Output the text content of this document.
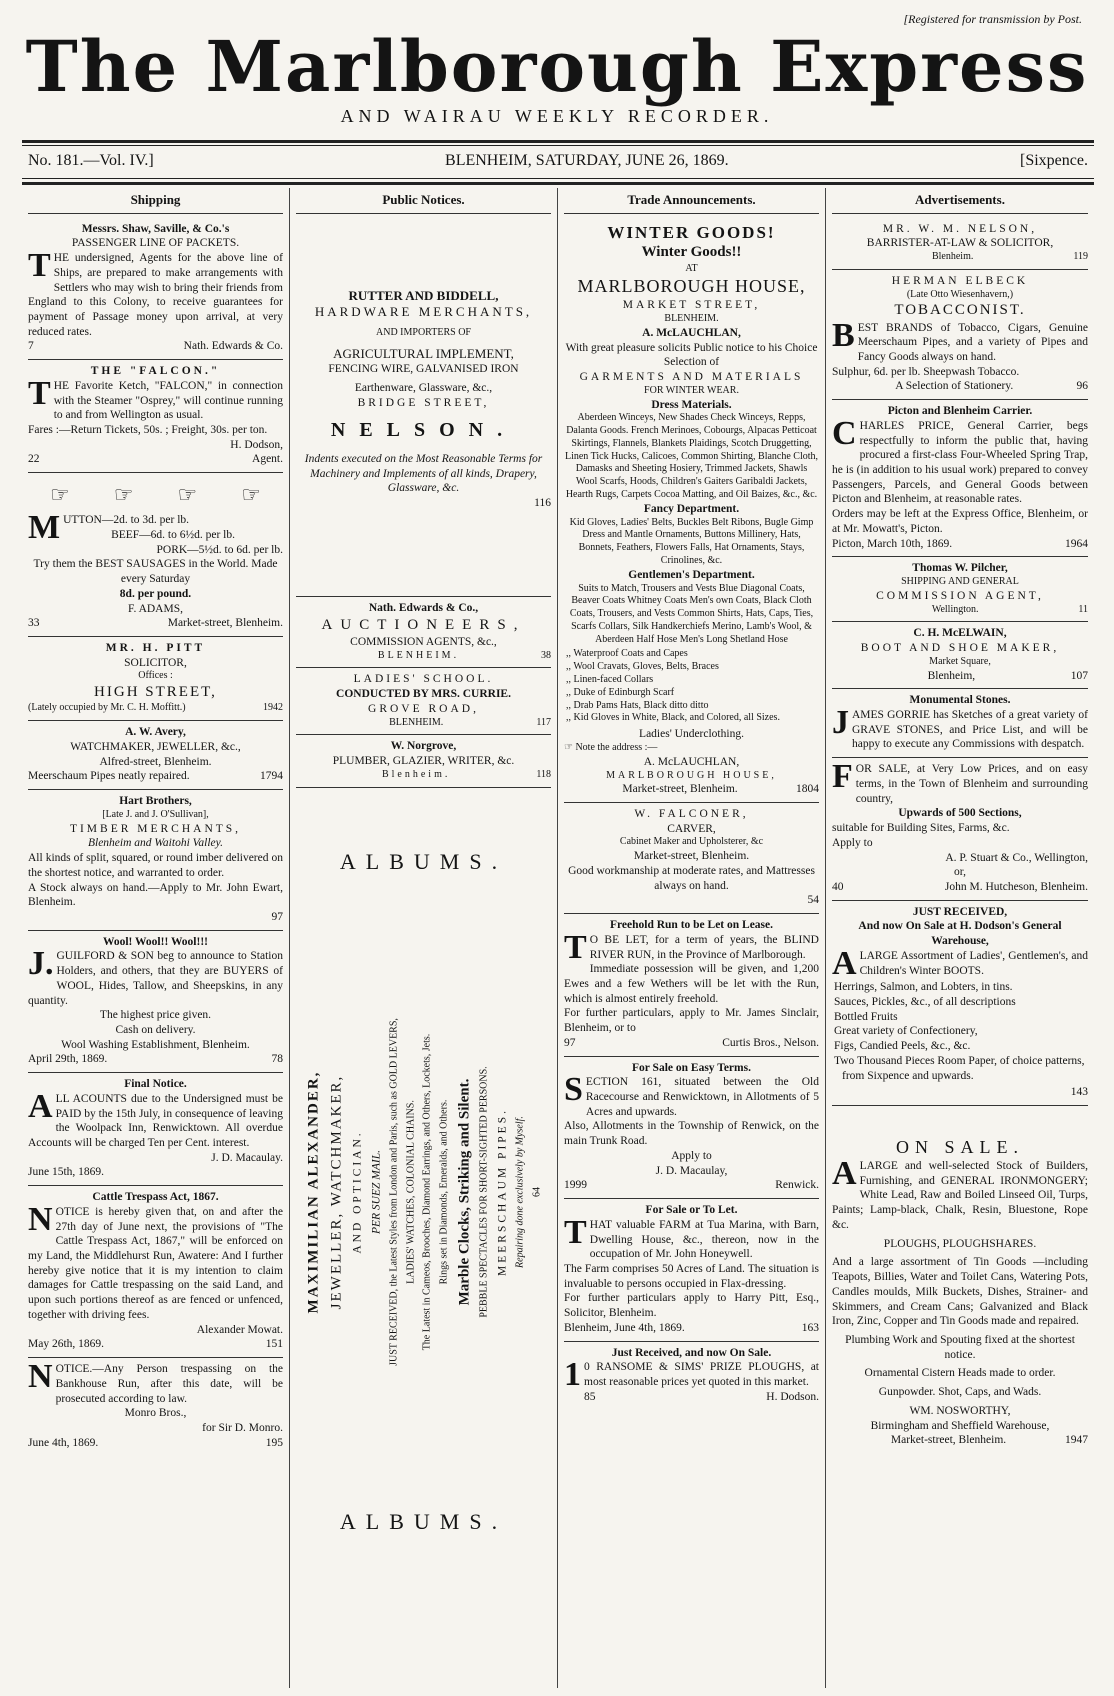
[Registered for transmission by Post.
The Marlborough Express
AND WAIRAU WEEKLY RECORDER.
No. 181.—Vol. IV.]	BLENHEIM, SATURDAY, JUNE 26, 1869.	[Sixpence.
Shipping
Messrs. Shaw, Saville, & Co.'s
PASSENGER LINE OF PACKETS.
THE undersigned, Agents for the above line of Ships, are prepared to make arrangements with Settlers who may wish to bring their friends from England to this Colony, to receive guarantees for payment of Passage money upon arrival, at very reduced rates.
7	Nath. Edwards & Co.
THE "FALCON."
THE Favorite Ketch, "FALCON," in connection with the Steamer "Osprey," will continue running to and from Wellington as usual.
Fares :—Return Tickets, 50s. ; Freight, 30s. per ton.
H. Dodson,
22	Agent.
☞ ☞ ☞ ☞
MUTTON—2d. to 3d. per lb.
BEEF—6d. to 6½d. per lb.
PORK—5½d. to 6d. per lb.
Try them the BEST SAUSAGES in the World. Made every Saturday
8d. per pound.
F. ADAMS,
33	Market-street, Blenheim.
MR. H. PITT
SOLICITOR,
Offices :
HIGH STREET,
(Lately occupied by Mr. C. H. Moffitt.)	1942
A. W. Avery,
WATCHMAKER, JEWELLER, &c.,
Alfred-street, Blenheim.
Meerschaum Pipes neatly repaired.	1794
Hart Brothers,
[Late J. and J. O'Sullivan],
TIMBER MERCHANTS,
Blenheim and Waitohi Valley.
All kinds of split, squared, or round imber delivered on the shortest notice, and warranted to order.
A Stock always on hand.—Apply to Mr. John Ewart, Blenheim.
97
Wool! Wool!! Wool!!!
J.GUILFORD & SON beg to announce to Station Holders, and others, that they are BUYERS of WOOL, Hides, Tallow, and Sheepskins, in any quantity.
The highest price given.
Cash on delivery.
Wool Washing Establishment, Blenheim.
April 29th, 1869.	78
Final Notice.
ALL ACOUNTS due to the Undersigned must be PAID by the 15th July, in consequence of leaving the Woolpack Inn, Renwicktown. All overdue Accounts will be charged Ten per Cent. interest.
J. D. Macaulay.
June 15th, 1869.
Cattle Trespass Act, 1867.
NOTICE is hereby given that, on and after the 27th day of June next, the provisions of "The Cattle Trespass Act, 1867," will be enforced on my Land, the Middlehurst Run, Awatere: And I further hereby give notice that it is my intention to claim damages for Cattle trespassing on the said Land, and upon such portions thereof as are fenced or unfenced, together with driving fees.
Alexander Mowat.
May 26th, 1869.	151
NOTICE.—Any Person trespassing on the Bankhouse Run, after this date, will be prosecuted according to law.
Monro Bros.,
for Sir D. Monro.
June 4th, 1869.	195
Public Notices.
RUTTER AND BIDDELL,
HARDWARE MERCHANTS,
AND IMPORTERS OF
AGRICULTURAL IMPLEMENT,
FENCING WIRE, GALVANISED IRON
Earthenware, Glassware, &c.,
BRIDGE STREET,
NELSON.
Indents executed on the Most Reasonable Terms for Machinery and Implements of all kinds, Drapery, Glassware, &c.
116
Nath. Edwards & Co.,
AUCTIONEERS,
COMMISSION AGENTS, &c.,
BLENHEIM.	38
LADIES' SCHOOL.
CONDUCTED BY MRS. CURRIE.
GROVE ROAD,
BLENHEIM.	117
W. Norgrove,
PLUMBER, GLAZIER, WRITER, &c.
Blenheim.	118
ALBUMS.
MAXIMILIAN ALEXANDER, JEWELLER, WATCHMAKER, AND OPTICIAN. PER SUEZ MAIL. JUST RECEIVED, the Latest Styles from London and Paris, such as GOLD LEVERS, LADIES' WATCHES, COLONIAL CHAINS. The Latest in Cameos, Brooches, Diamond Earrings, and Others, Lockets, Jets. Rings set in Diamonds, Emeralds, and Others. Marble Clocks, Striking and Silent. PEBBLE SPECTACLES FOR SHORT-SIGHTED PERSONS. MEERSCHAUM PIPES. Repairing done exclusively by Myself. 64
ALBUMS.
Trade Announcements.
WINTER GOODS!
Winter Goods!!
AT
MARLBOROUGH HOUSE,
MARKET STREET,
BLENHEIM.
A. McLAUCHLAN,
With great pleasure solicits Public notice to his Choice Selection of
GARMENTS AND MATERIALS
FOR WINTER WEAR.
Dress Materials.
Aberdeen Winceys, New Shades Check Winceys, Repps, Dalanta Goods. French Merinoes, Cobourgs, Alpacas Petticoat Skirtings, Flannels, Blankets Plaidings, Scotch Druggetting, Linen Tick Hucks, Calicoes, Common Shirting, Blanche Cloth, Damasks and Sheeting Hosiery, Trimmed Jackets, Shawls Wool Scarfs, Hoods, Children's Gaiters Garibaldi Jackets, Hearth Rugs, Carpets Cocoa Matting, and Oil Baizes, &c., &c.
Fancy Department.
Kid Gloves, Ladies' Belts, Buckles Belt Ribons, Bugle Gimp Dress and Mantle Ornaments, Buttons Millinery, Hats, Bonnets, Feathers, Flowers Falls, Hat Ornaments, Stays, Crinolines, &c.
Gentlemen's Department.
Suits to Match, Trousers and Vests Blue Diagonal Coats, Beaver Coats Whitney Coats Men's own Coats, Black Cloth Coats, Trousers, and Vests Common Shirts, Hats, Caps, Ties, Scarfs Collars, Silk Handkerchiefs Merino, Lamb's Wool, & Aberdeen Half Hose Men's Long Shetland Hose
,, Waterproof Coats and Capes
,, Wool Cravats, Gloves, Belts, Braces
,, Linen-faced Collars
,, Duke of Edinburgh Scarf
,, Drab Pams Hats, Black ditto ditto
,, Kid Gloves in White, Black, and Colored, all Sizes.
Ladies' Underclothing.
☞ Note the address :—
A. McLAUCHLAN,
MARLBOROUGH HOUSE,
Market-street, Blenheim.	1804
W. FALCONER,
CARVER,
Cabinet Maker and Upholsterer, &c
Market-street, Blenheim.
Good workmanship at moderate rates, and Mattresses always on hand.
54
Freehold Run to be Let on Lease.
TO BE LET, for a term of years, the BLIND RIVER RUN, in the Province of Marlborough.
Immediate possession will be given, and 1,200 Ewes and a few Wethers will be let with the Run, which is almost entirely freehold.
For further particulars, apply to Mr. James Sinclair, Blenheim, or to
97	Curtis Bros., Nelson.
For Sale on Easy Terms.
SECTION 161, situated between the Old Racecourse and Renwicktown, in Allotments of 5 Acres and upwards.
Also, Allotments in the Township of Renwick, on the main Trunk Road.
Apply to
J. D. Macaulay,
1999	Renwick.
For Sale or To Let.
THAT valuable FARM at Tua Marina, with Barn, Dwelling House, &c., thereon, now in the occupation of Mr. John Honeywell.
The Farm comprises 50 Acres of Land. The situation is invaluable to persons occupied in Flax-dressing.
For further particulars apply to Harry Pitt, Esq., Solicitor, Blenheim.
Blenheim, June 4th, 1869.	163
Just Received, and now On Sale.
10 RANSOME & SIMS' PRIZE PLOUGHS, at most reasonable prices yet quoted in this market.
85	H. Dodson.
Advertisements.
MR. W. M. NELSON,
BARRISTER-AT-LAW & SOLICITOR,
Blenheim.	119
HERMAN ELBECK
(Late Otto Wiesenhavern,)
TOBACCONIST.
BEST BRANDS of Tobacco, Cigars, Genuine Meerschaum Pipes, and a variety of Pipes and Fancy Goods always on hand.
Sulphur, 6d. per lb. Sheepwash Tobacco.
A Selection of Stationery.	96
Picton and Blenheim Carrier.
CHARLES PRICE, General Carrier, begs respectfully to inform the public that, having procured a first-class Four-Wheeled Spring Trap, he is (in addition to his usual work) prepared to convey Passengers, Parcels, and General Goods between Picton and Blenheim, at reasonable rates.
Orders may be left at the Express Office, Blenheim, or at Mr. Mowatt's, Picton.
Picton, March 10th, 1869.	1964
Thomas W. Pilcher,
SHIPPING AND GENERAL
COMMISSION AGENT,
Wellington.	11
C. H. McELWAIN,
BOOT AND SHOE MAKER,
Market Square,
Blenheim,	107
Monumental Stones.
JAMES GORRIE has Sketches of a great variety of GRAVE STONES, and Price List, and will be happy to execute any Commissions with despatch.
FOR SALE, at Very Low Prices, and on easy terms, in the Town of Blenheim and surrounding country,
Upwards of 500 Sections,
suitable for Building Sites, Farms, &c.
Apply to
A. P. Stuart & Co., Wellington,
or,
40	John M. Hutcheson, Blenheim.
JUST RECEIVED,
And now On Sale at H. Dodson's General Warehouse,
ALARGE Assortment of Ladies', Gentlemen's, and Children's Winter BOOTS.
Herrings, Salmon, and Lobters, in tins.
Sauces, Pickles, &c., of all descriptions
Bottled Fruits
Great variety of Confectionery,
Figs, Candied Peels, &c., &c.
Two Thousand Pieces Room Paper, of choice patterns, from Sixpence and upwards.
143
ON SALE.
ALARGE and well-selected Stock of Builders, Furnishing, and GENERAL IRONMONGERY; White Lead, Raw and Boiled Linseed Oil, Turps, Paints; Lamp-black, Chalk, Resin, Bluestone, Rope &c.
PLOUGHS, PLOUGHSHARES.
And a large assortment of Tin Goods —including Teapots, Billies, Water and Toilet Cans, Watering Pots, Candles moulds, Milk Buckets, Dishes, Strainer- and Skimmers, and Cream Cans; Galvanized and Black Iron, Zinc, Copper and Tin Goods made and repaired.
Plumbing Work and Spouting fixed at the shortest notice.
Ornamental Cistern Heads made to order.
Gunpowder. Shot, Caps, and Wads.
WM. NOSWORTHY,
Birmingham and Sheffield Warehouse,
Market-street, Blenheim.	1947
